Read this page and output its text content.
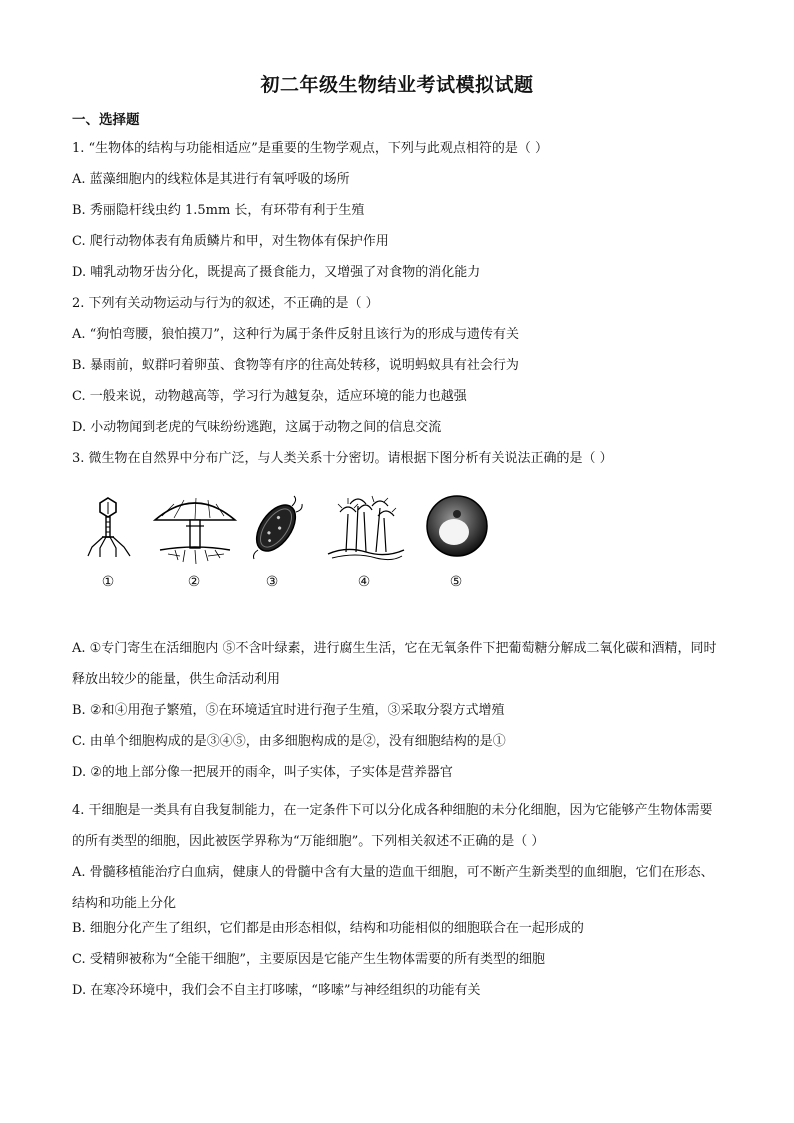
初二年级生物结业考试模拟试题
一、选择题
1. “生物体的结构与功能相适应”是重要的生物学观点，下列与此观点相符的是（ ）
A. 蓝藻细胞内的线粒体是其进行有氧呼吸的场所
B. 秀丽隐杆线虫约 1.5mm 长，有环带有利于生殖
C. 爬行动物体表有角质鳞片和甲，对生物体有保护作用
D. 哺乳动物牙齿分化，既提高了摄食能力，又增强了对食物的消化能力
2. 下列有关动物运动与行为的叙述，不正确的是（ ）
A. “狗怕弯腰，狼怕摸刀”，这种行为属于条件反射且该行为的形成与遗传有关
B. 暴雨前，蚁群叼着卵茧、食物等有序的往高处转移，说明蚂蚁具有社会行为
C. 一般来说，动物越高等，学习行为越复杂，适应环境的能力也越强
D. 小动物闻到老虎的气味纷纷逃跑，这属于动物之间的信息交流
3. 微生物在自然界中分布广泛，与人类关系十分密切。请根据下图分析有关说法正确的是（ ）
①	②	③	④	⑤
A. ①专门寄生在活细胞内 ⑤不含叶绿素，进行腐生生活，它在无氧条件下把葡萄糖分解成二氧化碳和酒精，同时释放出较少的能量，供生命活动利用
B. ②和④用孢子繁殖，⑤在环境适宜时进行孢子生殖，③采取分裂方式增殖
C. 由单个细胞构成的是③④⑤，由多细胞构成的是②，没有细胞结构的是①
D. ②的地上部分像一把展开的雨伞，叫子实体，子实体是营养器官
4. 干细胞是一类具有自我复制能力，在一定条件下可以分化成各种细胞的未分化细胞，因为它能够产生物体需要的所有类型的细胞，因此被医学界称为“万能细胞”。下列相关叙述不正确的是（ ）
A. 骨髓移植能治疗白血病，健康人的骨髓中含有大量的造血干细胞，可不断产生新类型的血细胞，它们在形态、结构和功能上分化
B. 细胞分化产生了组织，它们都是由形态相似，结构和功能相似的细胞联合在一起形成的
C. 受精卵被称为“全能干细胞”，主要原因是它能产生生物体需要的所有类型的细胞
D. 在寒冷环境中，我们会不自主打哆嗦，“哆嗦”与神经组织的功能有关
